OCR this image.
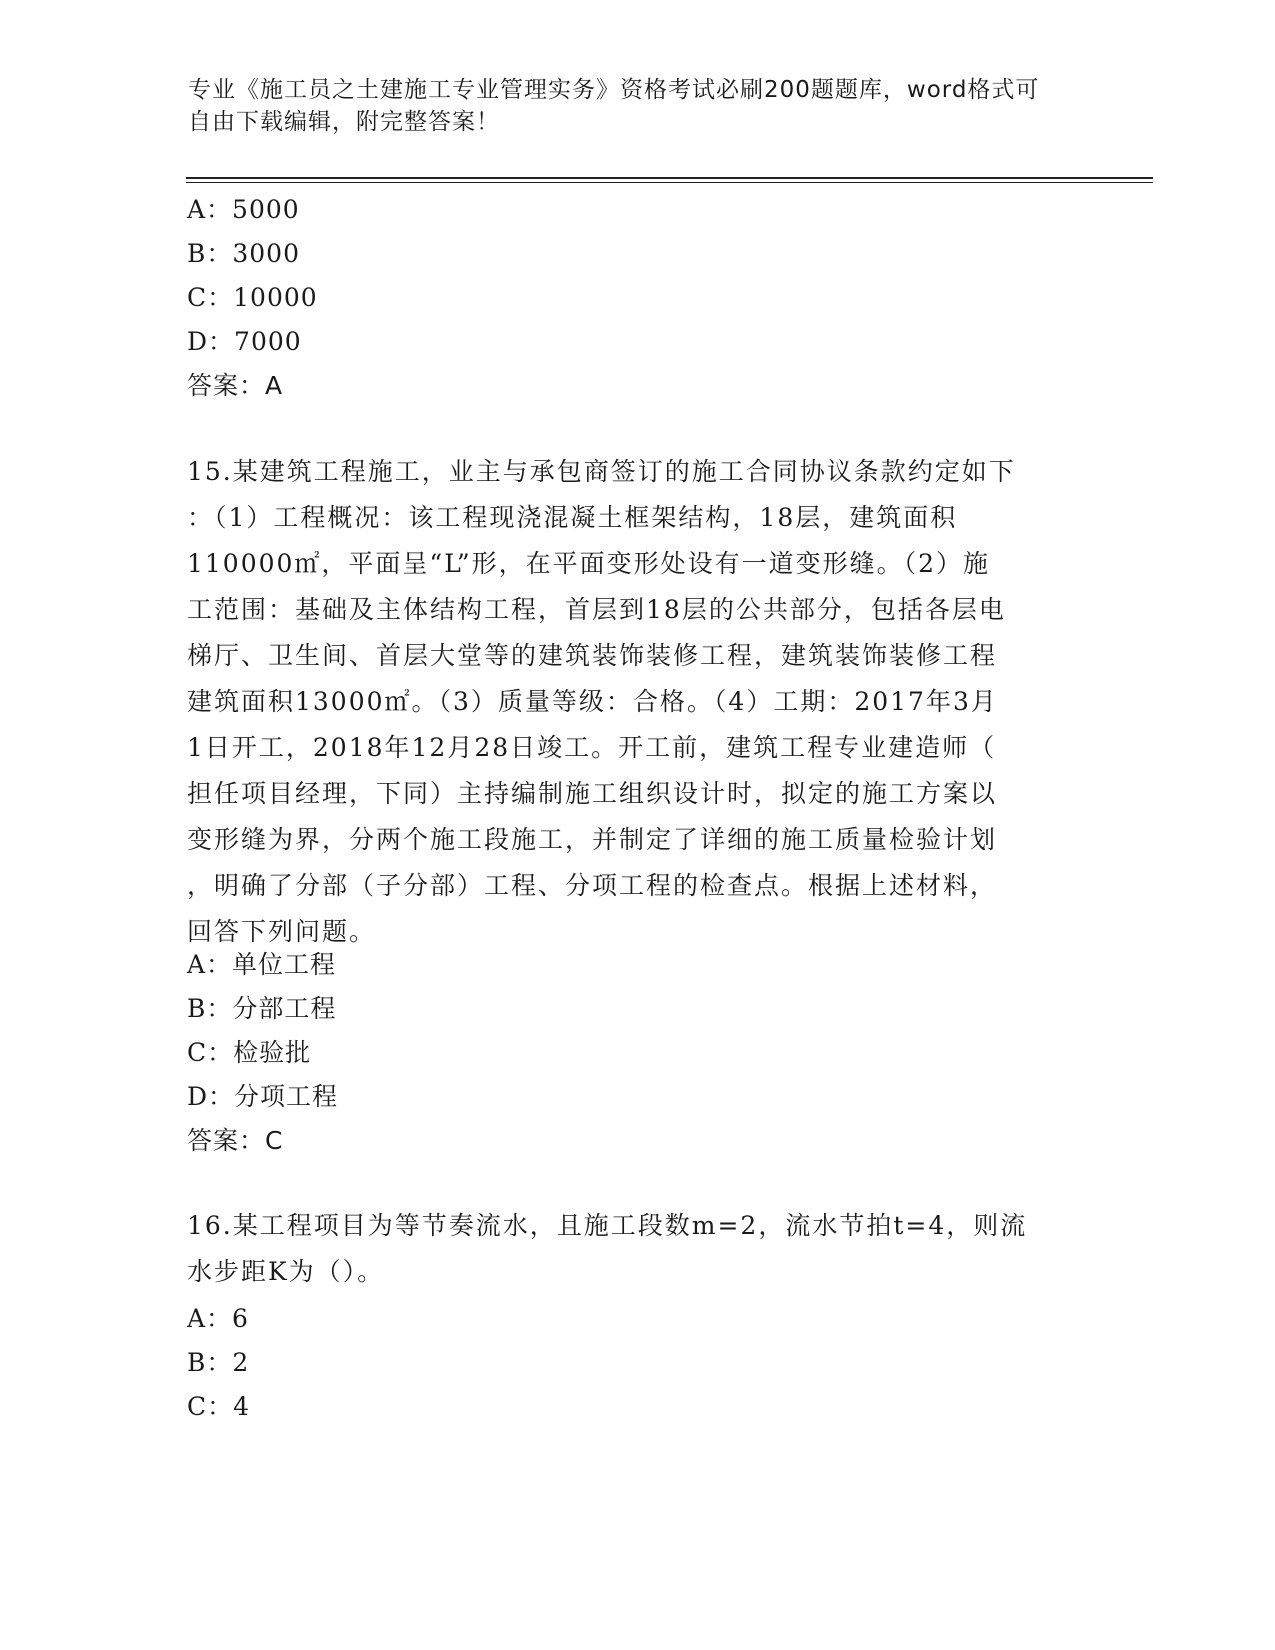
专业《施工员之土建施工专业管理实务》资格考试必刷200题题库，word格式可
自由下载编辑，附完整答案！
A：5000
B：3000
C：10000
D：7000
答案：A
15.某建筑工程施工，业主与承包商签订的施工合同协议条款约定如下
：（1）工程概况：该工程现浇混凝土框架结构，18层，建筑面积
110000㎡，平面呈“L”形，在平面变形处设有一道变形缝。（2）施
工范围：基础及主体结构工程，首层到18层的公共部分，包括各层电
梯厅、卫生间、首层大堂等的建筑装饰装修工程，建筑装饰装修工程
建筑面积13000㎡。（3）质量等级：合格。（4）工期：2017年3月
1日开工，2018年12月28日竣工。开工前，建筑工程专业建造师（
担任项目经理，下同）主持编制施工组织设计时，拟定的施工方案以
变形缝为界，分两个施工段施工，并制定了详细的施工质量检验计划
，明确了分部（子分部）工程、分项工程的检查点。根据上述材料，
回答下列问题。
A：单位工程
B：分部工程
C：检验批
D：分项工程
答案：C
16.某工程项目为等节奏流水，且施工段数m=2，流水节拍t=4，则流
水步距K为（）。
A：6
B：2
C：4
